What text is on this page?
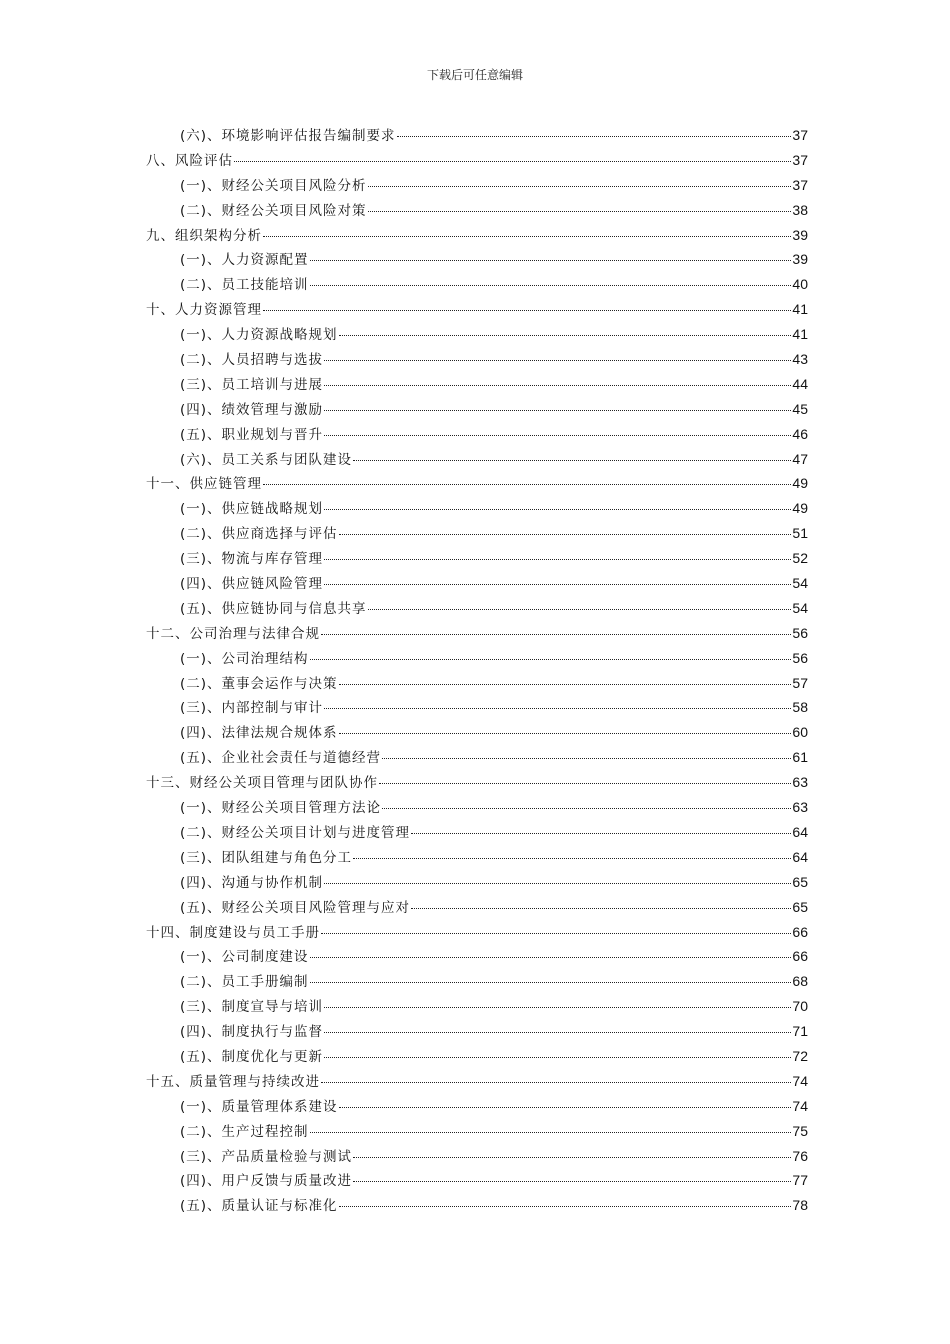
下载后可任意编辑
(六)、环境影响评估报告编制要求	37
八、风险评估	37
(一)、财经公关项目风险分析	37
(二)、财经公关项目风险对策	38
九、组织架构分析	39
(一)、人力资源配置	39
(二)、员工技能培训	40
十、人力资源管理	41
(一)、人力资源战略规划	41
(二)、人员招聘与选拔	43
(三)、员工培训与进展	44
(四)、绩效管理与激励	45
(五)、职业规划与晋升	46
(六)、员工关系与团队建设	47
十一、供应链管理	49
(一)、供应链战略规划	49
(二)、供应商选择与评估	51
(三)、物流与库存管理	52
(四)、供应链风险管理	54
(五)、供应链协同与信息共享	54
十二、公司治理与法律合规	56
(一)、公司治理结构	56
(二)、董事会运作与决策	57
(三)、内部控制与审计	58
(四)、法律法规合规体系	60
(五)、企业社会责任与道德经营	61
十三、财经公关项目管理与团队协作	63
(一)、财经公关项目管理方法论	63
(二)、财经公关项目计划与进度管理	64
(三)、团队组建与角色分工	64
(四)、沟通与协作机制	65
(五)、财经公关项目风险管理与应对	65
十四、制度建设与员工手册	66
(一)、公司制度建设	66
(二)、员工手册编制	68
(三)、制度宣导与培训	70
(四)、制度执行与监督	71
(五)、制度优化与更新	72
十五、质量管理与持续改进	74
(一)、质量管理体系建设	74
(二)、生产过程控制	75
(三)、产品质量检验与测试	76
(四)、用户反馈与质量改进	77
(五)、质量认证与标准化	78
